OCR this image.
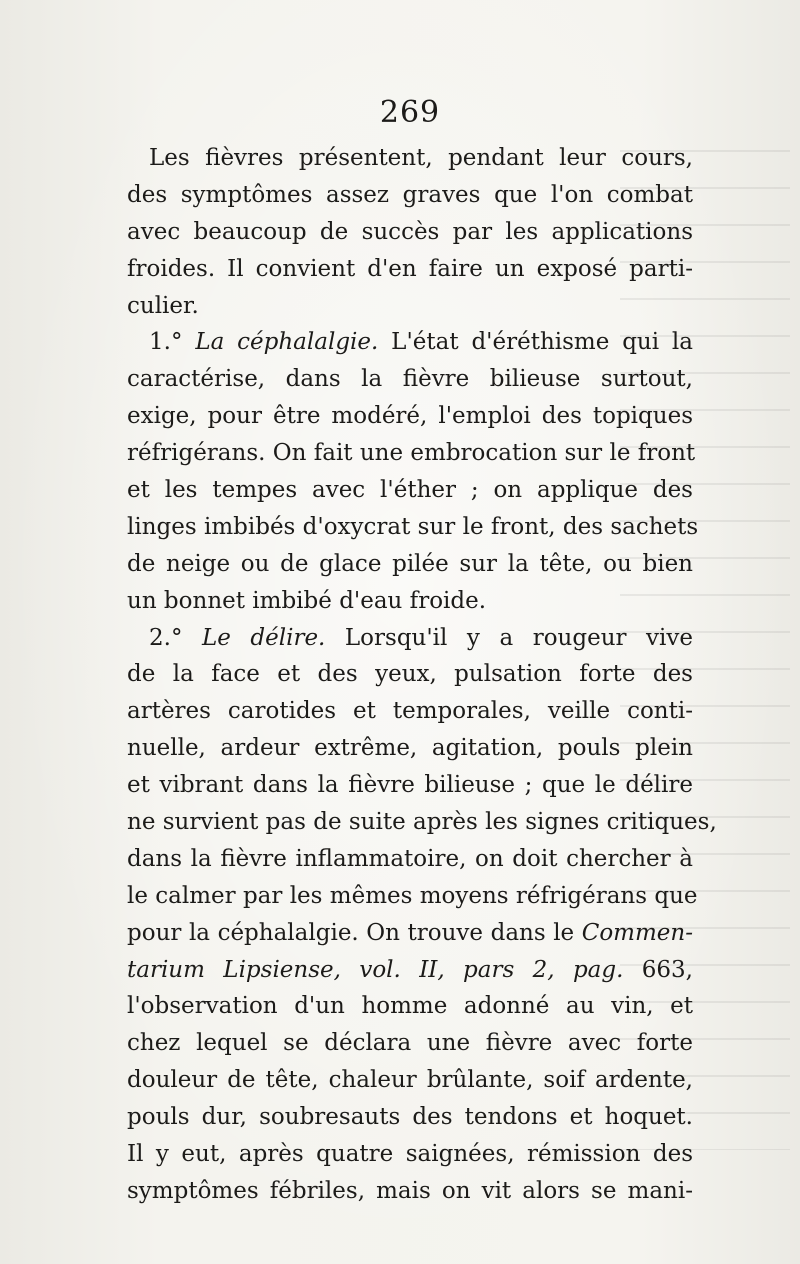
269
Les fièvres présentent, pendant leur cours,
des symptômes assez graves que l'on combat
avec beaucoup de succès par les applications
froides. Il convient d'en faire un exposé parti-
culier.
1.° La céphalalgie. L'état d'éréthisme qui la
caractérise, dans la fièvre bilieuse surtout,
exige, pour être modéré, l'emploi des topiques
réfrigérans. On fait une embrocation sur le front
et les tempes avec l'éther ; on applique des
linges imbibés d'oxycrat sur le front, des sachets
de neige ou de glace pilée sur la tête, ou bien
un bonnet imbibé d'eau froide.
2.° Le délire. Lorsqu'il y a rougeur vive
de la face et des yeux, pulsation forte des
artères carotides et temporales, veille conti-
nuelle, ardeur extrême, agitation, pouls plein
et vibrant dans la fièvre bilieuse ; que le délire
ne survient pas de suite après les signes critiques,
dans la fièvre inflammatoire, on doit chercher à
le calmer par les mêmes moyens réfrigérans que
pour la céphalalgie. On trouve dans le Commen-
tarium Lipsiense, vol. II, pars 2, pag. 663,
l'observation d'un homme adonné au vin, et
chez lequel se déclara une fièvre avec forte
douleur de tête, chaleur brûlante, soif ardente,
pouls dur, soubresauts des tendons et hoquet.
Il y eut, après quatre saignées, rémission des
symptômes fébriles, mais on vit alors se mani-
